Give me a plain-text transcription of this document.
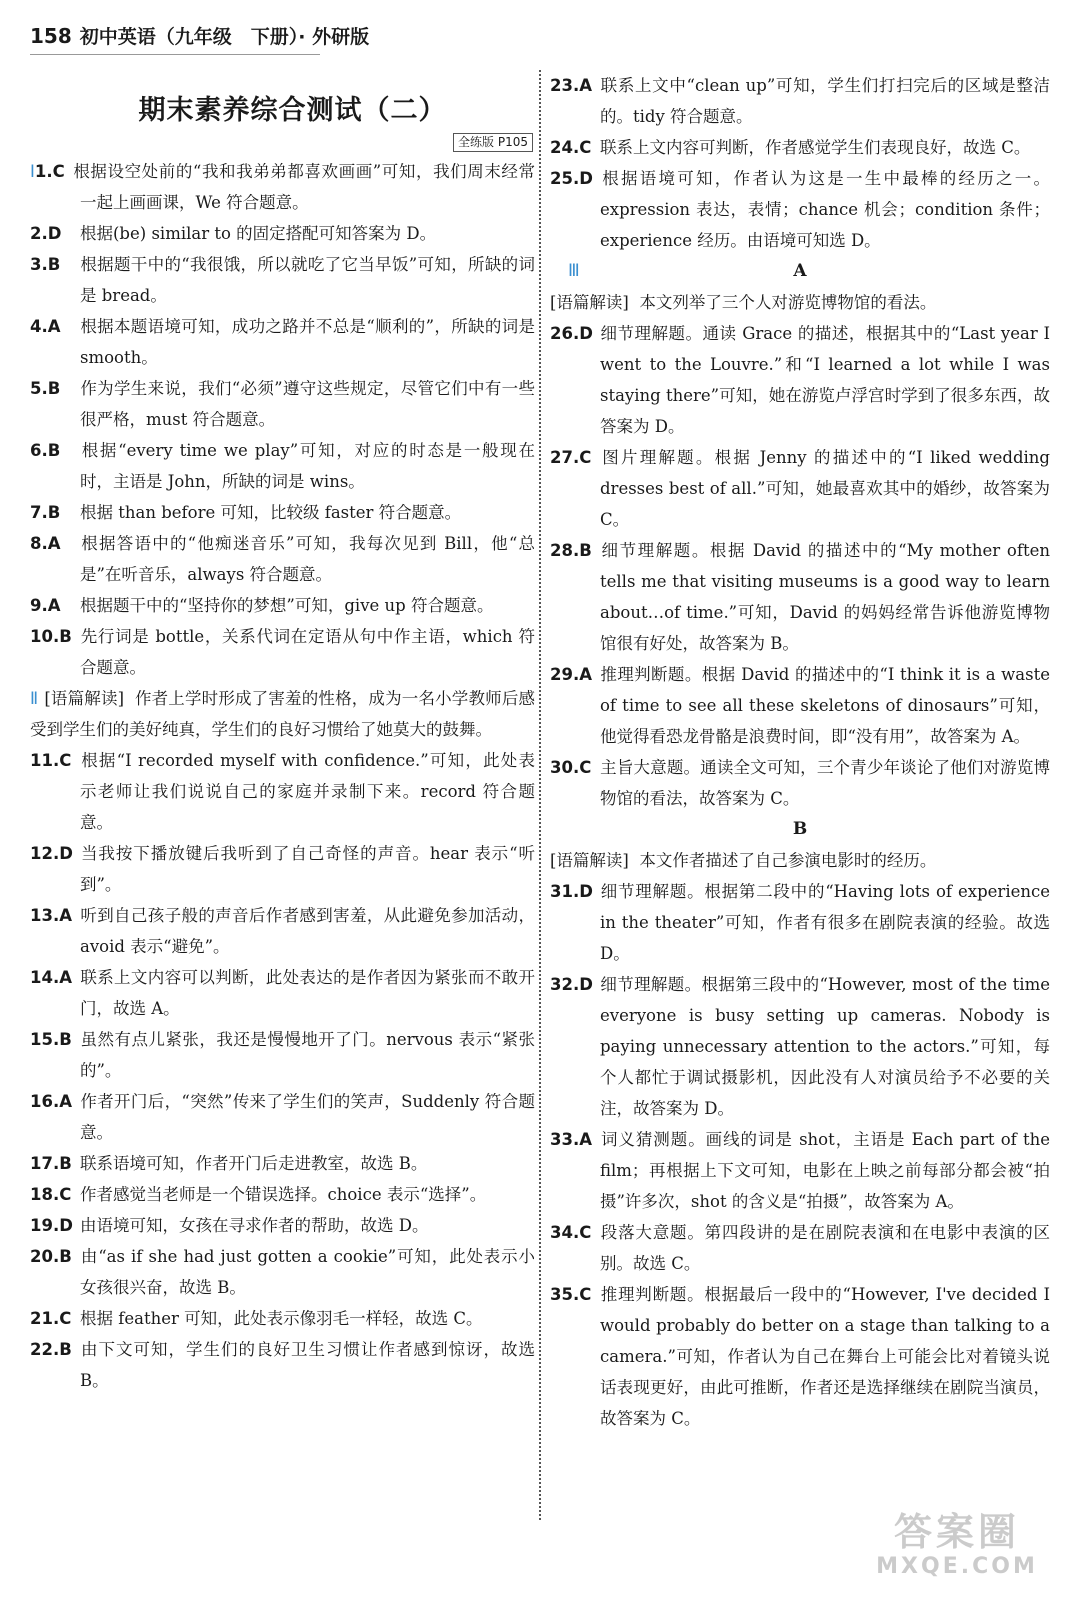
158 初中英语（九年级　下册）· 外研版
期末素养综合测试（二）
全练版 P105
Ⅰ1.C 根据设空处前的“我和我弟弟都喜欢画画”可知，我们周末经常一起上画画课，We 符合题意。
2.D 根据(be) similar to 的固定搭配可知答案为 D。
3.B 根据题干中的“我很饿，所以就吃了它当早饭”可知，所缺的词是 bread。
4.A 根据本题语境可知，成功之路并不总是“顺利的”，所缺的词是 smooth。
5.B 作为学生来说，我们“必须”遵守这些规定，尽管它们中有一些很严格，must 符合题意。
6.B 根据“every time we play”可知，对应的时态是一般现在时，主语是 John，所缺的词是 wins。
7.B 根据 than before 可知，比较级 faster 符合题意。
8.A 根据答语中的“他痴迷音乐”可知，我每次见到 Bill，他“总是”在听音乐，always 符合题意。
9.A 根据题干中的“坚持你的梦想”可知，give up 符合题意。
10.B 先行词是 bottle，关系代词在定语从句中作主语，which 符合题意。
Ⅱ [语篇解读] 作者上学时形成了害羞的性格，成为一名小学教师后感受到学生们的美好纯真，学生们的良好习惯给了她莫大的鼓舞。
11.C 根据“I recorded myself with confidence.”可知，此处表示老师让我们说说自己的家庭并录制下来。record 符合题意。
12.D 当我按下播放键后我听到了自己奇怪的声音。hear 表示“听到”。
13.A 听到自己孩子般的声音后作者感到害羞，从此避免参加活动，avoid 表示“避免”。
14.A 联系上文内容可以判断，此处表达的是作者因为紧张而不敢开门，故选 A。
15.B 虽然有点儿紧张，我还是慢慢地开了门。nervous 表示“紧张的”。
16.A 作者开门后，“突然”传来了学生们的笑声，Suddenly 符合题意。
17.B 联系语境可知，作者开门后走进教室，故选 B。
18.C 作者感觉当老师是一个错误选择。choice 表示“选择”。
19.D 由语境可知，女孩在寻求作者的帮助，故选 D。
20.B 由“as if she had just gotten a cookie”可知，此处表示小女孩很兴奋，故选 B。
21.C 根据 feather 可知，此处表示像羽毛一样轻，故选 C。
22.B 由下文可知，学生们的良好卫生习惯让作者感到惊讶，故选 B。
23.A 联系上文中“clean up”可知，学生们打扫完后的区域是整洁的。tidy 符合题意。
24.C 联系上文内容可判断，作者感觉学生们表现良好，故选 C。
25.D 根据语境可知，作者认为这是一生中最棒的经历之一。expression 表达，表情；chance 机会；condition 条件；experience 经历。由语境可知选 D。
Ⅲ	A
[语篇解读] 本文列举了三个人对游览博物馆的看法。
26.D 细节理解题。通读 Grace 的描述，根据其中的“Last year I went to the Louvre.”和“I learned a lot while I was staying there”可知，她在游览卢浮宫时学到了很多东西，故答案为 D。
27.C 图片理解题。根据 Jenny 的描述中的“I liked wedding dresses best of all.”可知，她最喜欢其中的婚纱，故答案为 C。
28.B 细节理解题。根据 David 的描述中的“My mother often tells me that visiting museums is a good way to learn about…of time.”可知，David 的妈妈经常告诉他游览博物馆很有好处，故答案为 B。
29.A 推理判断题。根据 David 的描述中的“I think it is a waste of time to see all these skeletons of dinosaurs”可知，他觉得看恐龙骨骼是浪费时间，即“没有用”，故答案为 A。
30.C 主旨大意题。通读全文可知，三个青少年谈论了他们对游览博物馆的看法，故答案为 C。
B
[语篇解读] 本文作者描述了自己参演电影时的经历。
31.D 细节理解题。根据第二段中的“Having lots of experience in the theater”可知，作者有很多在剧院表演的经验。故选 D。
32.D 细节理解题。根据第三段中的“However, most of the time everyone is busy setting up cameras. Nobody is paying unnecessary attention to the actors.”可知，每个人都忙于调试摄影机，因此没有人对演员给予不必要的关注，故答案为 D。
33.A 词义猜测题。画线的词是 shot，主语是 Each part of the film；再根据上下文可知，电影在上映之前每部分都会被“拍摄”许多次，shot 的含义是“拍摄”，故答案为 A。
34.C 段落大意题。第四段讲的是在剧院表演和在电影中表演的区别。故选 C。
35.C 推理判断题。根据最后一段中的“However, I've decided I would probably do better on a stage than talking to a camera.”可知，作者认为自己在舞台上可能会比对着镜头说话表现更好，由此可推断，作者还是选择继续在剧院当演员，故答案为 C。
答案圈
MXQE.COM
